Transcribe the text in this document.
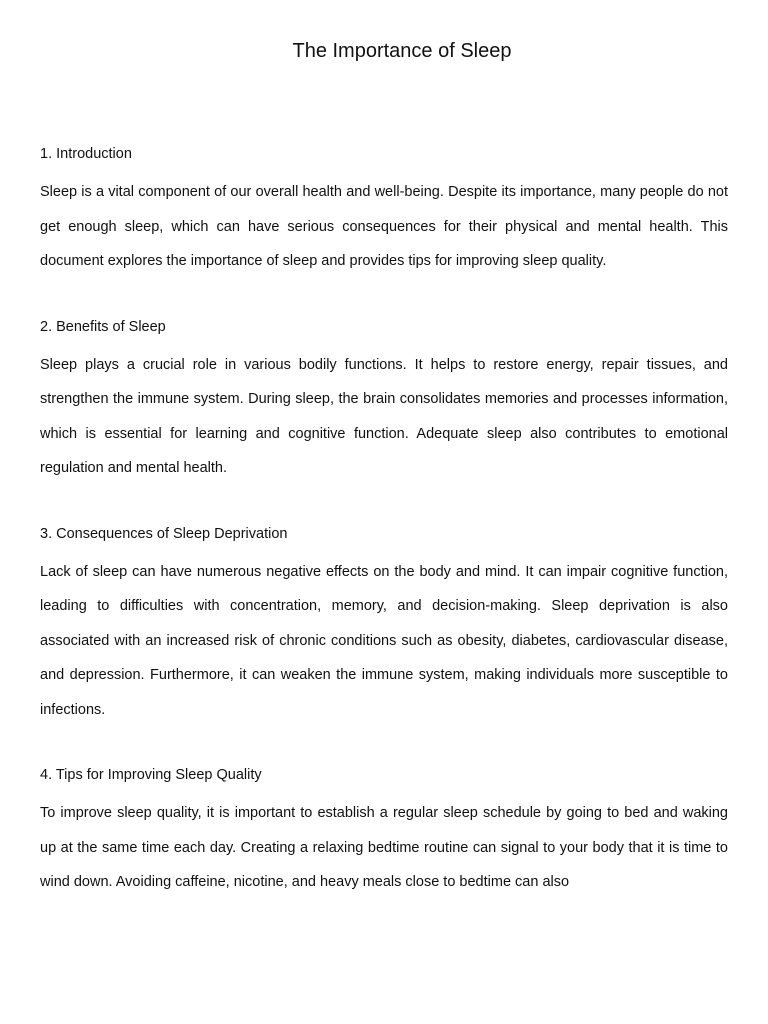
The Importance of Sleep
1. Introduction

Sleep is a vital component of our overall health and well-being. Despite its importance, many people do not get enough sleep, which can have serious consequences for their physical and mental health. This document explores the importance of sleep and provides tips for improving sleep quality.

2. Benefits of Sleep

Sleep plays a crucial role in various bodily functions. It helps to restore energy, repair tissues, and strengthen the immune system. During sleep, the brain consolidates memories and processes information, which is essential for learning and cognitive function. Adequate sleep also contributes to emotional regulation and mental health.

3. Consequences of Sleep Deprivation

Lack of sleep can have numerous negative effects on the body and mind. It can impair cognitive function, leading to difficulties with concentration, memory, and decision-making. Sleep deprivation is also associated with an increased risk of chronic conditions such as obesity, diabetes, cardiovascular disease, and depression. Furthermore, it can weaken the immune system, making individuals more susceptible to infections.

4. Tips for Improving Sleep Quality

To improve sleep quality, it is important to establish a regular sleep schedule by going to bed and waking up at the same time each day. Creating a relaxing bedtime routine can signal to your body that it is time to wind down. Avoiding caffeine, nicotine, and heavy meals close to bedtime can also
